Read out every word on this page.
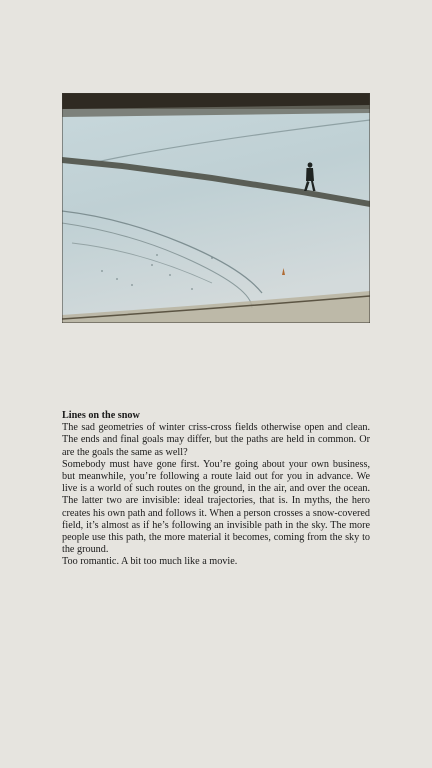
Lines on the snow

The sad geometries of winter criss-cross fields otherwise open and clean. The ends and final goals may differ, but the paths are held in common. Or are the goals the same as well?

Somebody must have gone first. You’re going about your own business, but meanwhile, you’re following a route laid out for you in advance. We live is a world of such routes on the ground, in the air, and over the ocean. The latter two are invisible: ideal trajectories, that is. In myths, the hero creates his own path and follows it. When a person crosses a snow-covered field, it’s almost as if he’s following an invisible path in the sky. The more people use this path, the more material it becomes, coming from the sky to the ground.

Too romantic. A bit too much like a movie.
